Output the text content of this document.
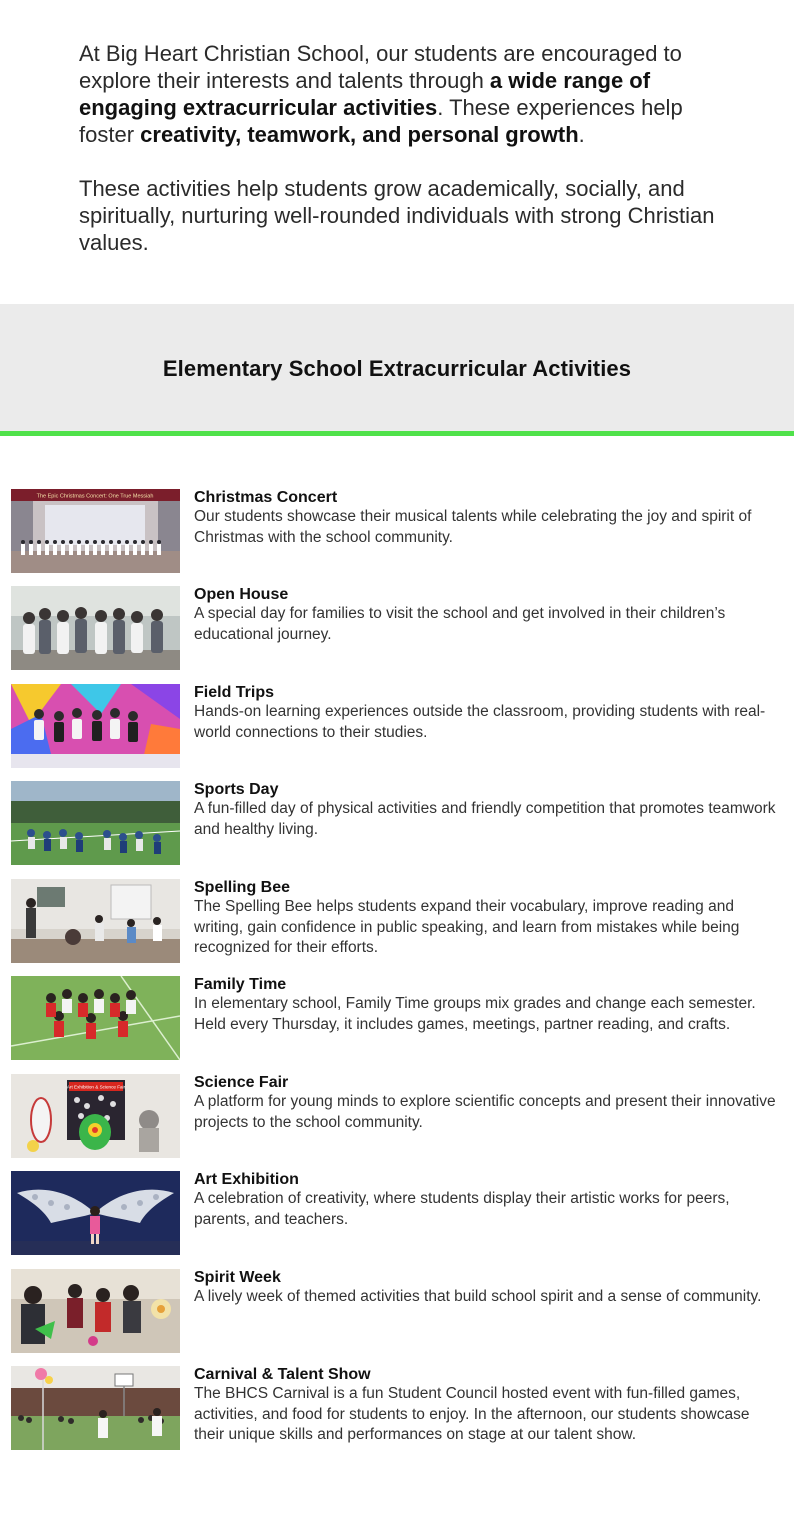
At Big Heart Christian School, our students are encouraged to explore their interests and talents through a wide range of engaging extracurricular activities. These experiences help foster creativity, teamwork, and personal growth.

These activities help students grow academically, socially, and spiritually, nurturing well-rounded individuals with strong Christian values.

Elementary School Extracurricular Activities
The Epic Christmas Concert: One True Messiah	Christmas Concert
Our students showcase their musical talents while celebrating the joy and spirit of Christmas with the school community.
Open House
A special day for families to visit the school and get involved in their children’s educational journey.
Field Trips
Hands-on learning experiences outside the classroom, providing students with real-world connections to their studies.
Sports Day
A fun-filled day of physical activities and friendly competition that promotes teamwork and healthy living.
Spelling Bee
The Spelling Bee helps students expand their vocabulary, improve reading and writing, gain confidence in public speaking, and learn from mistakes while being recognized for their efforts.
Family Time
In elementary school, Family Time groups mix grades and change each semester. Held every Thursday, it includes games, meetings, partner reading, and crafts.
Art Exhibition & Science Fair	Science Fair
A platform for young minds to explore scientific concepts and present their innovative projects to the school community.
Art Exhibition
A celebration of creativity, where students display their artistic works for peers, parents, and teachers.
Spirit Week
A lively week of themed activities that build school spirit and a sense of community.
Carnival & Talent Show
The BHCS Carnival is a fun Student Council hosted event with fun-filled games, activities, and food for students to enjoy. In the afternoon, our students showcase their unique skills and performances on stage at our talent show.
